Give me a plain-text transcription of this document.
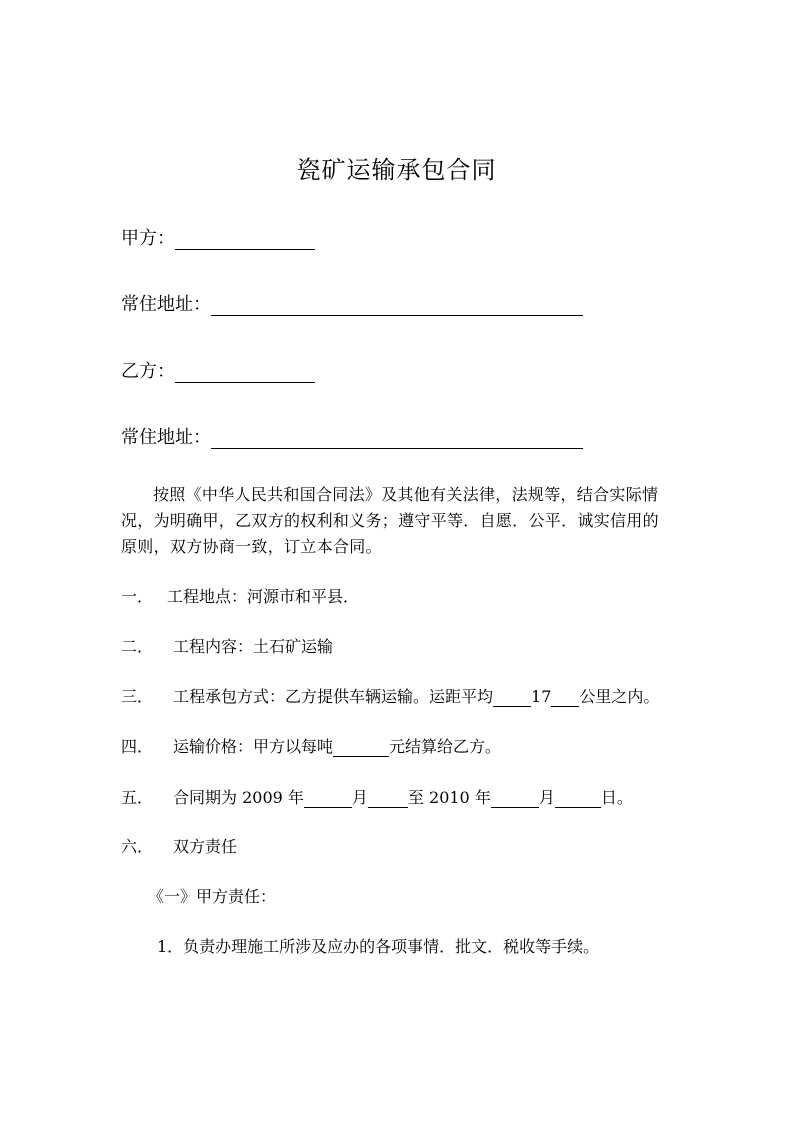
瓷矿运输承包合同
甲方：
常住地址：
乙方：
常住地址：
按照《中华人民共和国合同法》及其他有关法律，法规等，结合实际情况，为明确甲，乙双方的权利和义务；遵守平等．自愿．公平．诚实信用的原则，双方协商一致，订立本合同。
一． 工程地点：河源市和平县．
二． 工程内容：土石矿运输
三． 工程承包方式：乙方提供车辆运输。运距平均 17 公里之内。
四． 运输价格：甲方以每吨	元结算给乙方。
五． 合同期为 2009 年	月	至 2010 年	月	日。
六． 双方责任
《一》甲方责任：
1．负责办理施工所涉及应办的各项事情．批文．税收等手续。
